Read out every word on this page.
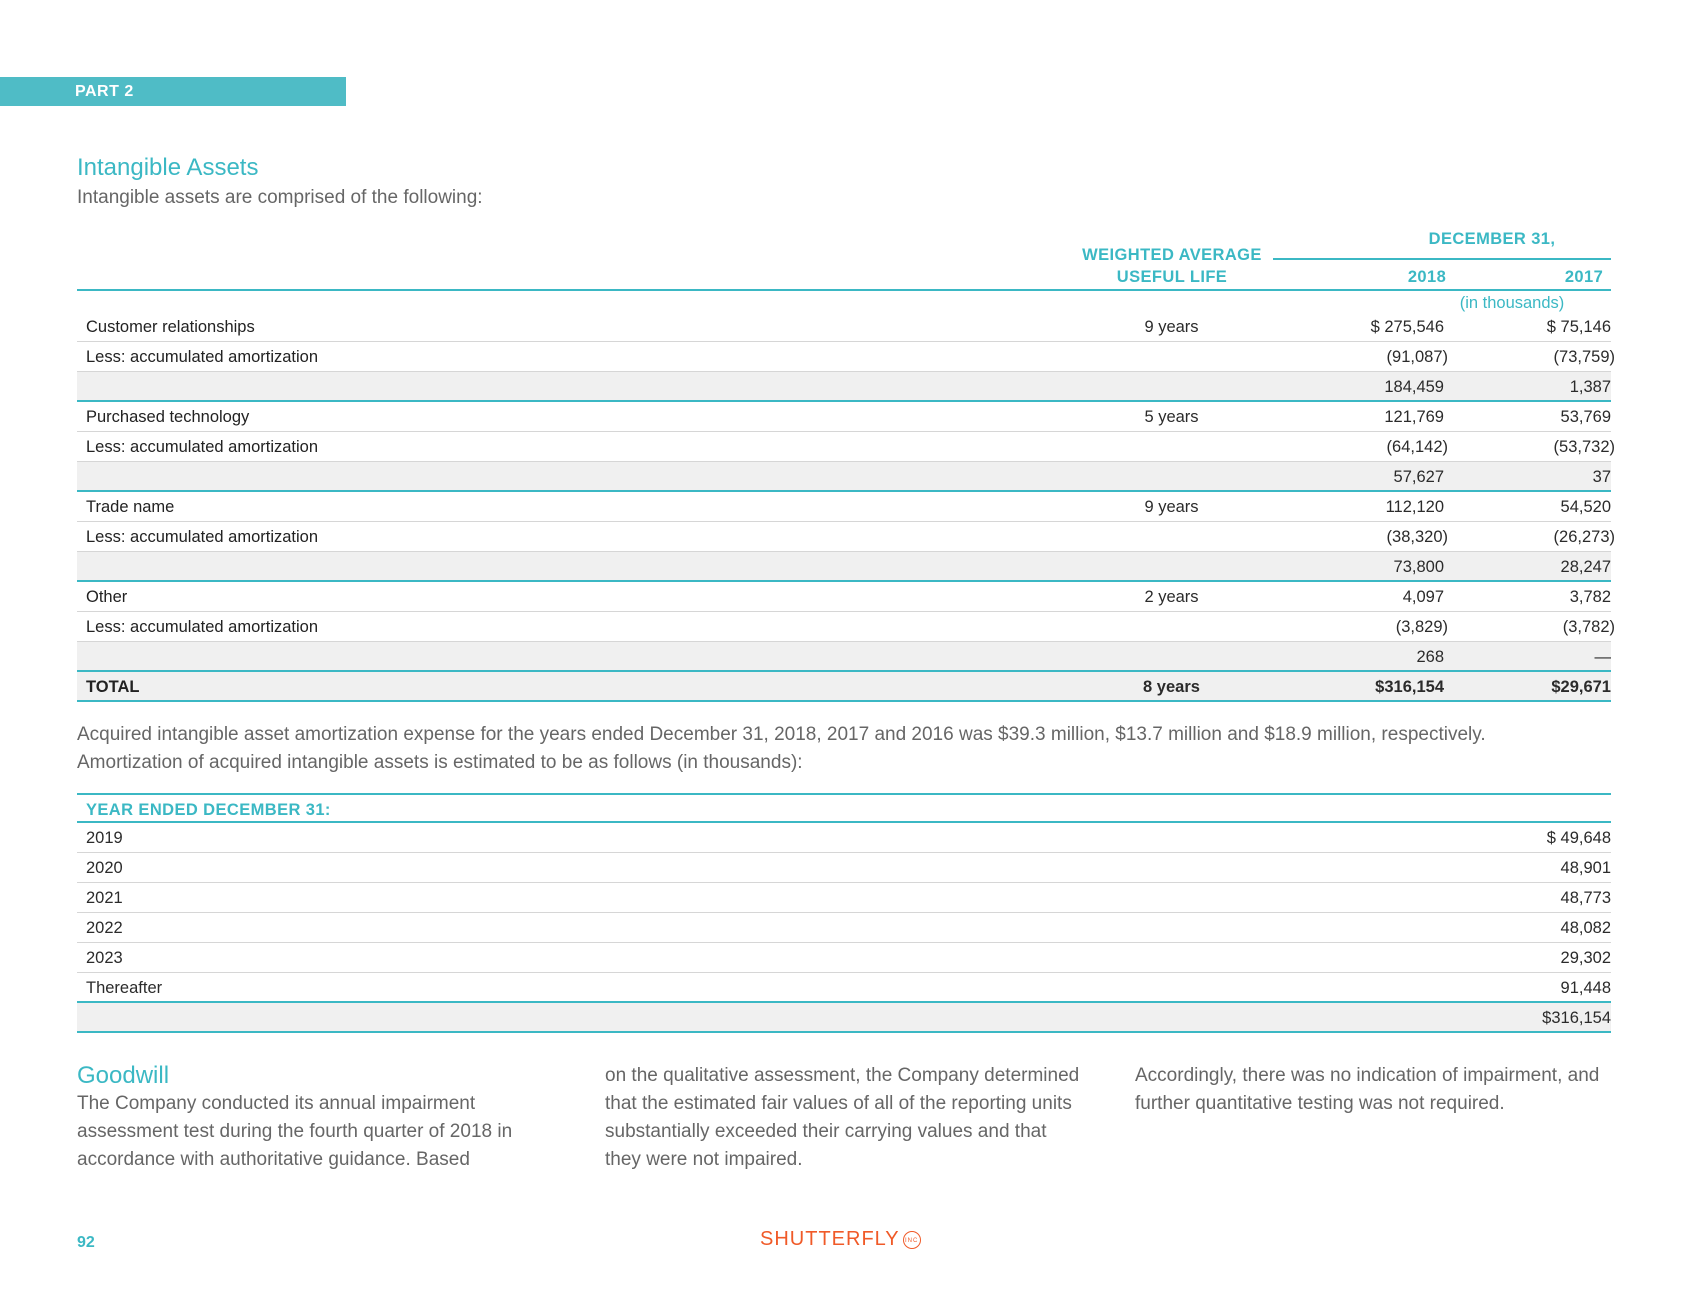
PART 2
Intangible Assets
Intangible assets are comprised of the following:
WEIGHTED AVERAGE
USEFUL LIFE
DECEMBER 31,
2018	2017
(in thousands)
Customer relationships	9 years	$ 275,546	$ 75,146
Less: accumulated amortization	(91,087)	(73,759)
184,459	1,387
Purchased technology	5 years	121,769	53,769
Less: accumulated amortization	(64,142)	(53,732)
57,627	37
Trade name	9 years	112,120	54,520
Less: accumulated amortization	(38,320)	(26,273)
73,800	28,247
Other	2 years	4,097	3,782
Less: accumulated amortization	(3,829)	(3,782)
268	—
TOTAL	8 years	$316,154	$29,671
Acquired intangible asset amortization expense for the years ended December 31, 2018, 2017 and 2016 was $39.3 million, $13.7 million and $18.9 million, respectively. Amortization of acquired intangible assets is estimated to be as follows (in thousands):
YEAR ENDED DECEMBER 31:
2019	$ 49,648
2020	48,901
2021	48,773
2022	48,082
2023	29,302
Thereafter	91,448
$316,154
Goodwill
The Company conducted its annual impairment assessment test during the fourth quarter of 2018 in accordance with authoritative guidance. Based
on the qualitative assessment, the Company determined that the estimated fair values of all of the reporting units substantially exceeded their carrying values and that they were not impaired.
Accordingly, there was no indication of impairment, and further quantitative testing was not required.
92	SHUTTERFLY INC
